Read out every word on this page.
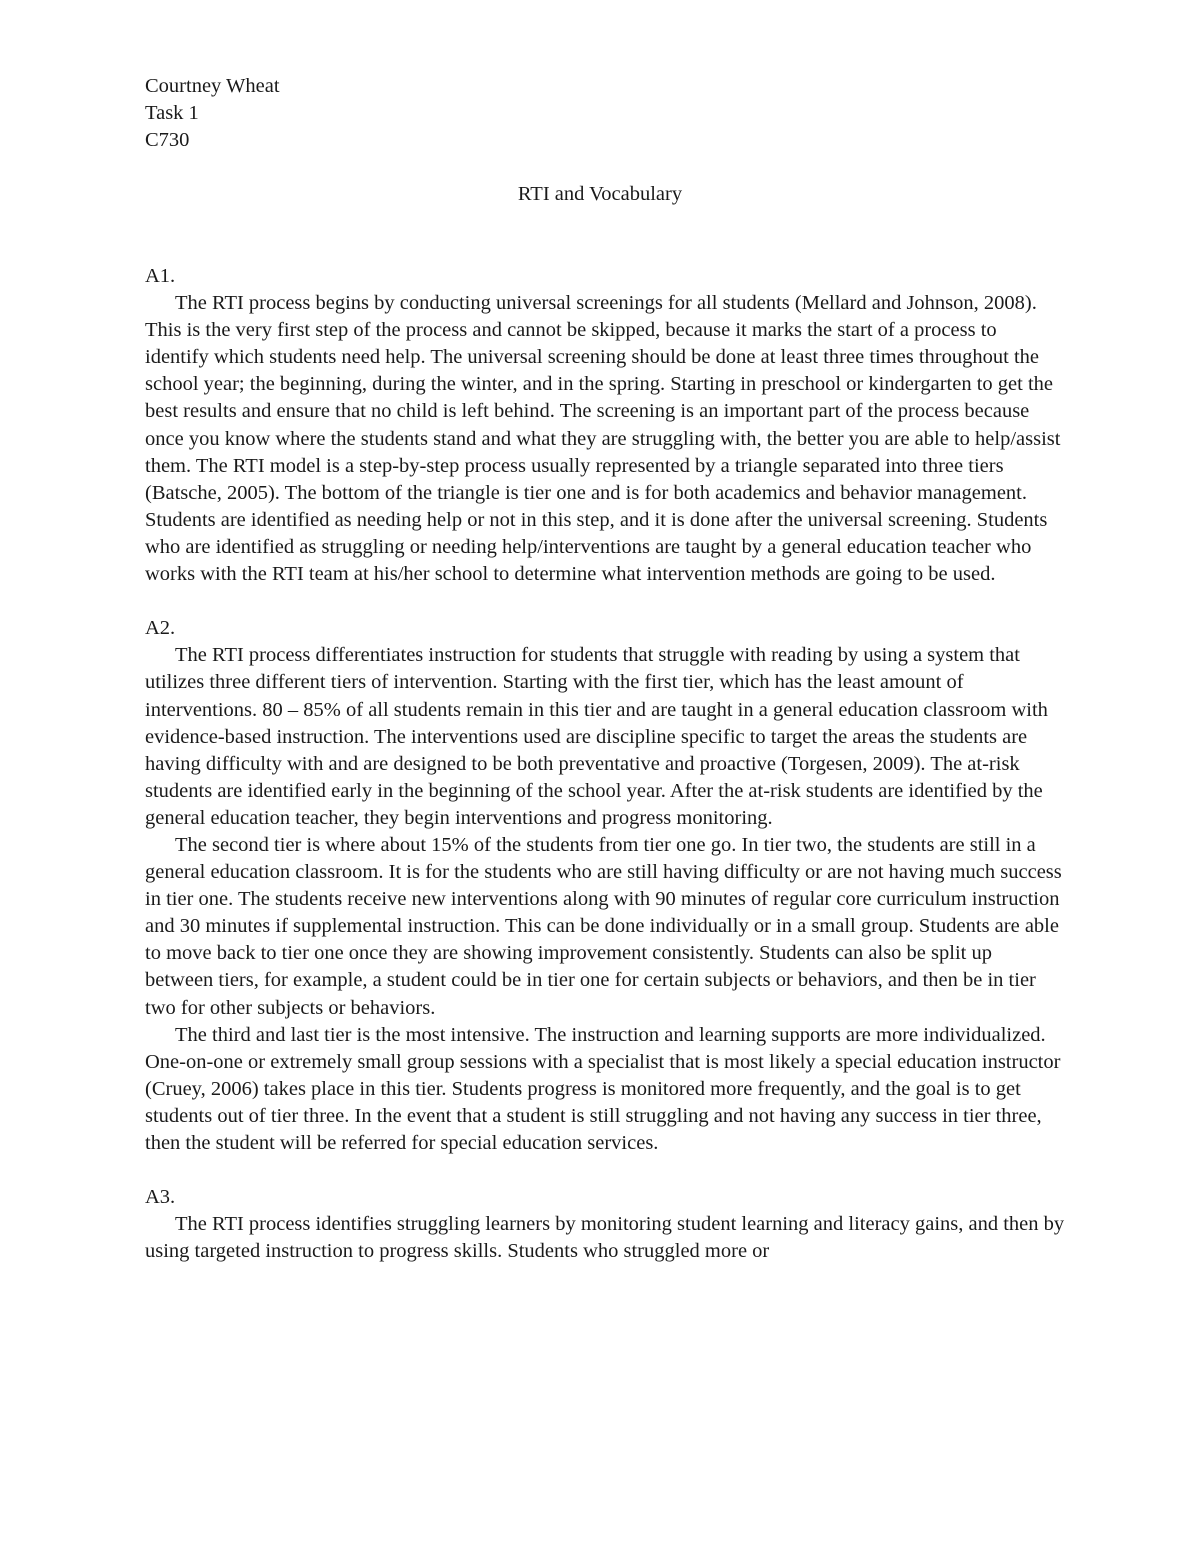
Courtney Wheat
Task 1
C730
RTI and Vocabulary

A1.

The RTI process begins by conducting universal screenings for all students (Mellard and Johnson, 2008). This is the very first step of the process and cannot be skipped, because it marks the start of a process to identify which students need help. The universal screening should be done at least three times throughout the school year; the beginning, during the winter, and in the spring. Starting in preschool or kindergarten to get the best results and ensure that no child is left behind. The screening is an important part of the process because once you know where the students stand and what they are struggling with, the better you are able to help/assist them. The RTI model is a step-by-step process usually represented by a triangle separated into three tiers (Batsche, 2005). The bottom of the triangle is tier one and is for both academics and behavior management. Students are identified as needing help or not in this step, and it is done after the universal screening. Students who are identified as struggling or needing help/interventions are taught by a general education teacher who works with the RTI team at his/her school to determine what intervention methods are going to be used.

A2.

The RTI process differentiates instruction for students that struggle with reading by using a system that utilizes three different tiers of intervention. Starting with the first tier, which has the least amount of interventions. 80 – 85% of all students remain in this tier and are taught in a general education classroom with evidence-based instruction. The interventions used are discipline specific to target the areas the students are having difficulty with and are designed to be both preventative and proactive (Torgesen, 2009). The at-risk students are identified early in the beginning of the school year. After the at-risk students are identified by the general education teacher, they begin interventions and progress monitoring.

The second tier is where about 15% of the students from tier one go. In tier two, the students are still in a general education classroom. It is for the students who are still having difficulty or are not having much success in tier one. The students receive new interventions along with 90 minutes of regular core curriculum instruction and 30 minutes if supplemental instruction. This can be done individually or in a small group. Students are able to move back to tier one once they are showing improvement consistently. Students can also be split up between tiers, for example, a student could be in tier one for certain subjects or behaviors, and then be in tier two for other subjects or behaviors.

The third and last tier is the most intensive. The instruction and learning supports are more individualized. One-on-one or extremely small group sessions with a specialist that is most likely a special education instructor (Cruey, 2006) takes place in this tier. Students progress is monitored more frequently, and the goal is to get students out of tier three. In the event that a student is still struggling and not having any success in tier three, then the student will be referred for special education services.

A3.

The RTI process identifies struggling learners by monitoring student learning and literacy gains, and then by using targeted instruction to progress skills. Students who struggled more or
